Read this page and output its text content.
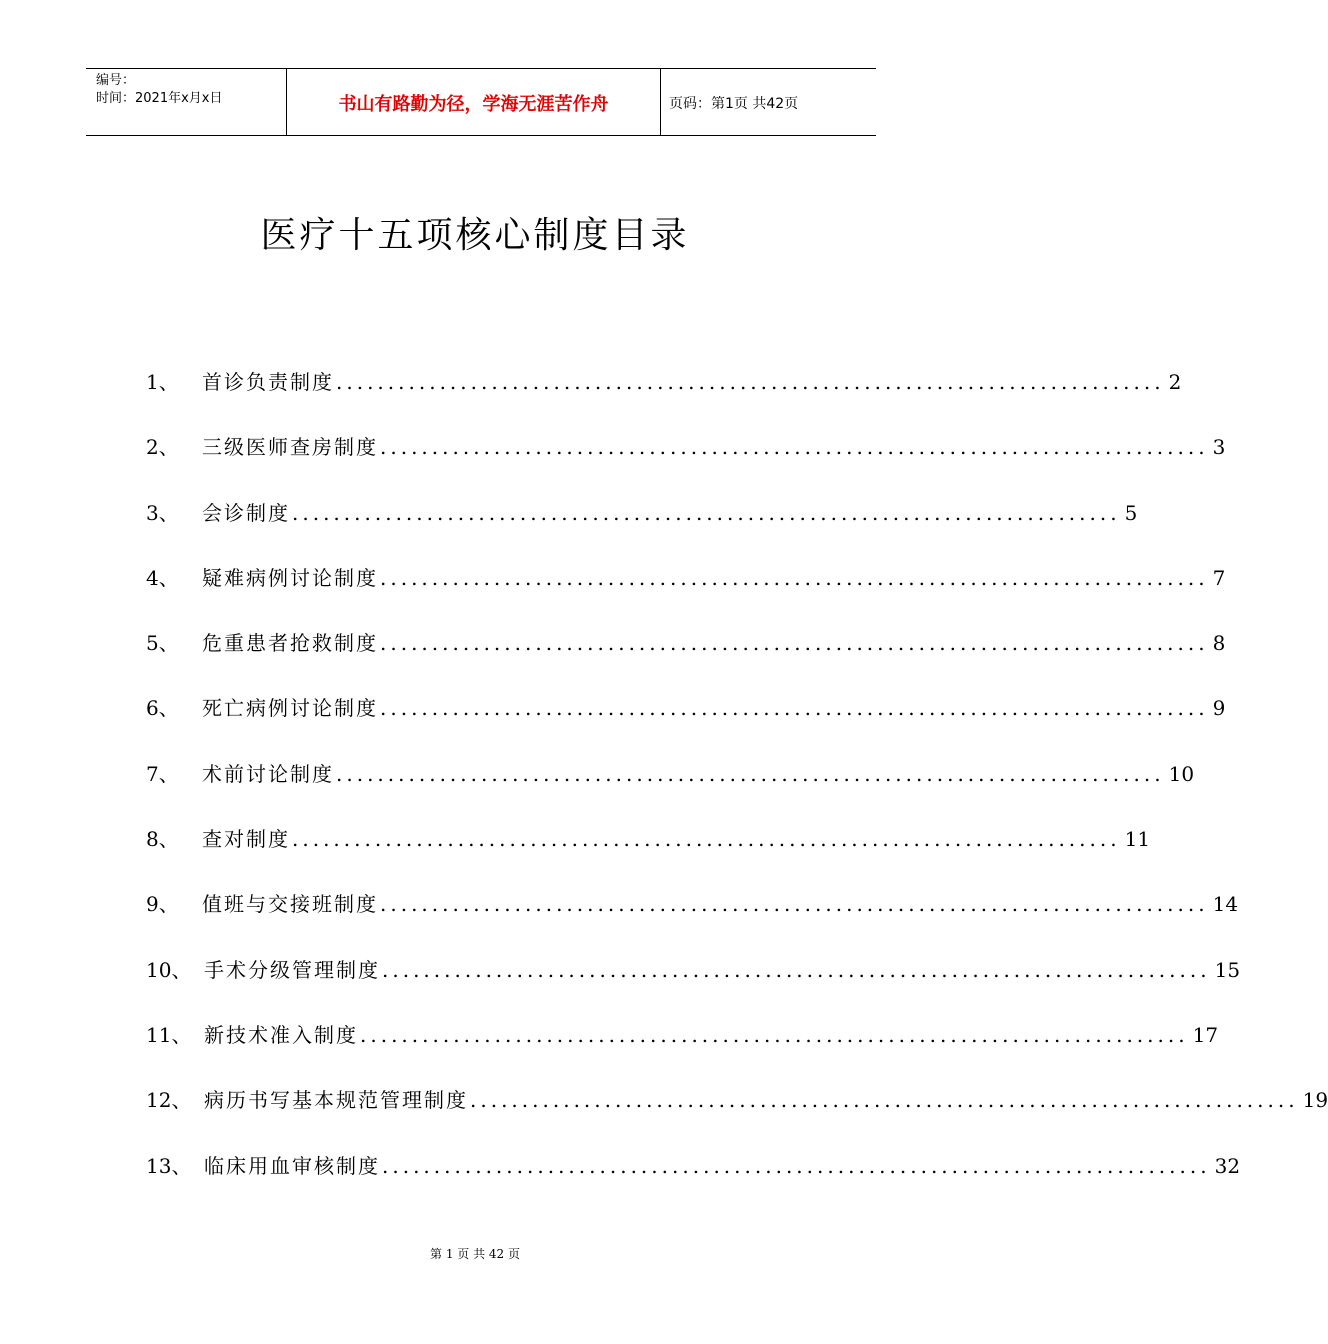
编号：
时间：2021年x月x日	书山有路勤为径，学海无涯苦作舟	页码：第1页 共42页
医疗十五项核心制度目录
1、	首诊负责制度 ................................................................................ 2
2、	三级医师查房制度 ................................................................................ 3
3、	会诊制度 ................................................................................ 5
4、	疑难病例讨论制度 ................................................................................ 7
5、	危重患者抢救制度 ................................................................................ 8
6、	死亡病例讨论制度 ................................................................................ 9
7、	术前讨论制度 ................................................................................ 10
8、	查对制度 ................................................................................ 11
9、	值班与交接班制度 ................................................................................ 14
10、 手术分级管理制度 ................................................................................ 15
11、 新技术准入制度 ................................................................................ 17
12、 病历书写基本规范管理制度 ................................................................................ 19
13、 临床用血审核制度 ................................................................................ 32
第 1 页 共 42 页
